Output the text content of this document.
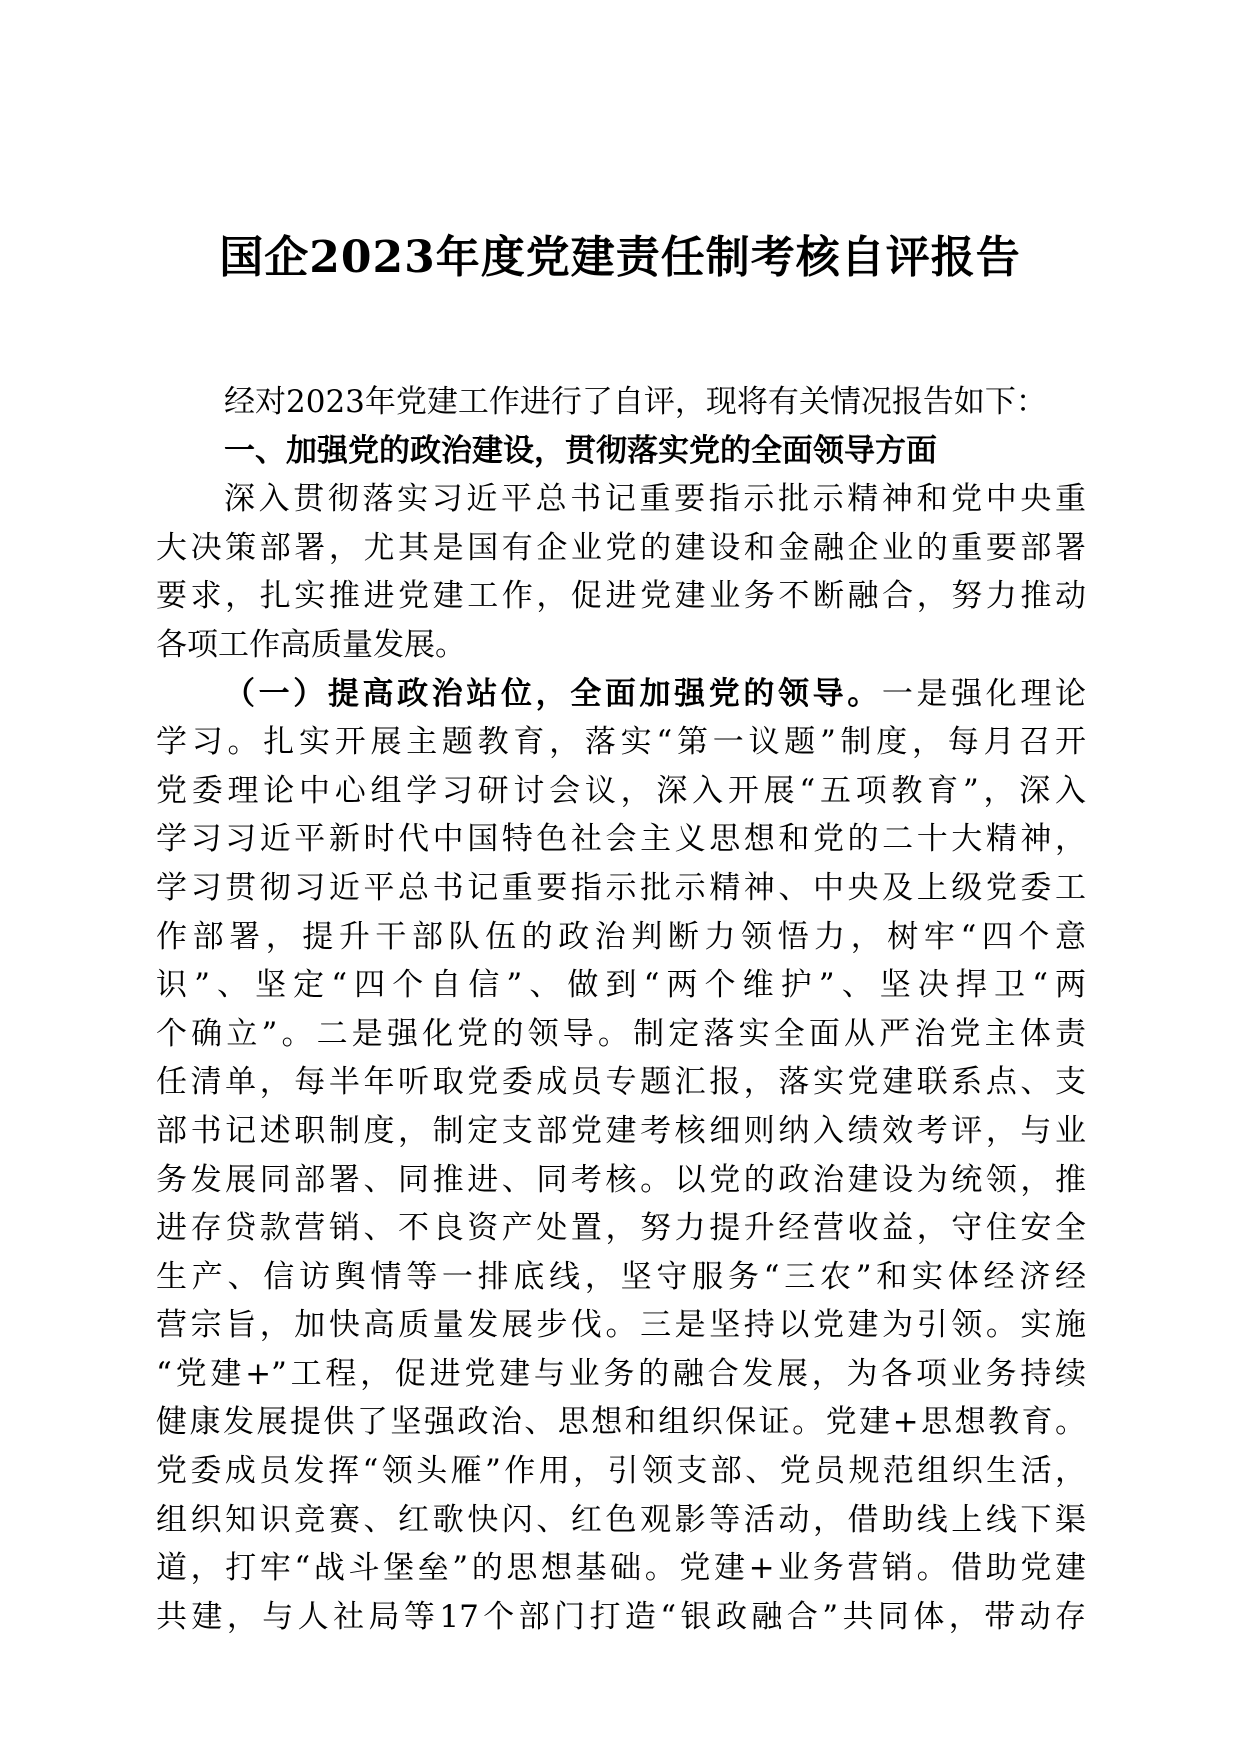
国企2023年度党建责任制考核自评报告
经对2023年党建工作进行了自评，现将有关情况报告如下：
一、加强党的政治建设，贯彻落实党的全面领导方面
深入贯彻落实习近平总书记重要指示批示精神和党中央重
大决策部署，尤其是国有企业党的建设和金融企业的重要部署
要求，扎实推进党建工作，促进党建业务不断融合，努力推动
各项工作高质量发展。
（一）提高政治站位，全面加强党的领导。一是强化理论
学习。扎实开展主题教育，落实“第一议题”制度，每月召开
党委理论中心组学习研讨会议，深入开展“五项教育”，深入
学习习近平新时代中国特色社会主义思想和党的二十大精神，
学习贯彻习近平总书记重要指示批示精神、中央及上级党委工
作部署，提升干部队伍的政治判断力领悟力，树牢“四个意
识”、坚定“四个自信”、做到“两个维护”、坚决捍卫“两
个确立”。二是强化党的领导。制定落实全面从严治党主体责
任清单，每半年听取党委成员专题汇报，落实党建联系点、支
部书记述职制度，制定支部党建考核细则纳入绩效考评，与业
务发展同部署、同推进、同考核。以党的政治建设为统领，推
进存贷款营销、不良资产处置，努力提升经营收益，守住安全
生产、信访舆情等一排底线，坚守服务“三农”和实体经济经
营宗旨，加快高质量发展步伐。三是坚持以党建为引领。实施
“党建+”工程，促进党建与业务的融合发展，为各项业务持续
健康发展提供了坚强政治、思想和组织保证。党建+思想教育。
党委成员发挥“领头雁”作用，引领支部、党员规范组织生活，
组织知识竞赛、红歌快闪、红色观影等活动，借助线上线下渠
道，打牢“战斗堡垒”的思想基础。党建+业务营销。借助党建
共建，与人社局等17个部门打造“银政融合”共同体，带动存
